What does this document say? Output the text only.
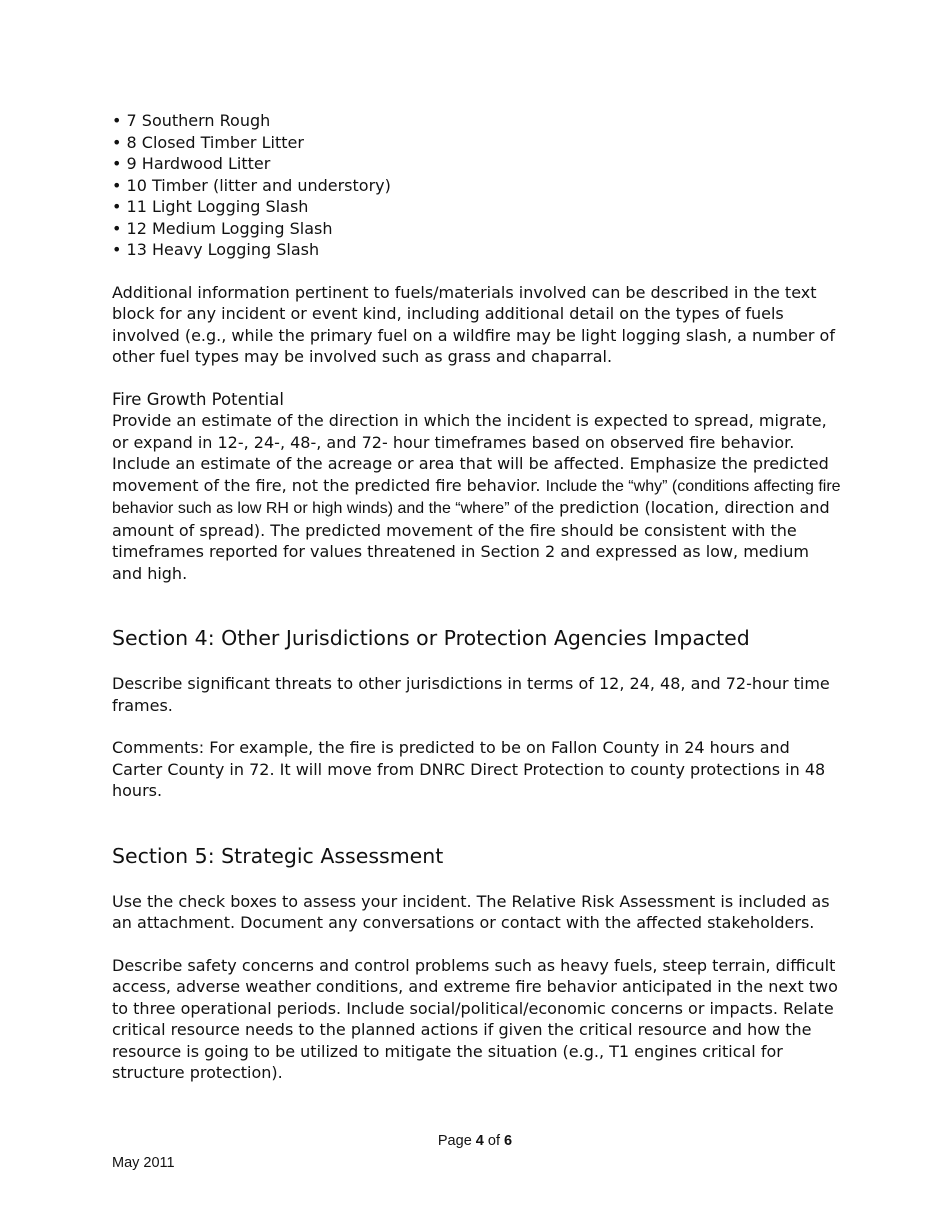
• 7 Southern Rough
• 8 Closed Timber Litter
• 9 Hardwood Litter
• 10 Timber (litter and understory)
• 11 Light Logging Slash
• 12 Medium Logging Slash
• 13 Heavy Logging Slash

Additional information pertinent to fuels/materials involved can be described in the text block for any incident or event kind, including additional detail on the types of fuels involved (e.g., while the primary fuel on a wildfire may be light logging slash, a number of other fuel types may be involved such as grass and chaparral.

Fire Growth Potential

Provide an estimate of the direction in which the incident is expected to spread, migrate, or expand in 12-, 24-, 48-, and 72- hour timeframes based on observed fire behavior. Include an estimate of the acreage or area that will be affected. Emphasize the predicted movement of the fire, not the predicted fire behavior. Include the “why” (conditions affecting fire behavior such as low RH or high winds) and the “where” of the prediction (location, direction and amount of spread). The predicted movement of the fire should be consistent with the timeframes reported for values threatened in Section 2 and expressed as low, medium and high.

Section 4: Other Jurisdictions or Protection Agencies Impacted

Describe significant threats to other jurisdictions in terms of 12, 24, 48, and 72-hour time frames.

Comments: For example, the fire is predicted to be on Fallon County in 24 hours and Carter County in 72. It will move from DNRC Direct Protection to county protections in 48 hours.

Section 5: Strategic Assessment

Use the check boxes to assess your incident. The Relative Risk Assessment is included as an attachment. Document any conversations or contact with the affected stakeholders.

Describe safety concerns and control problems such as heavy fuels, steep terrain, difficult access, adverse weather conditions, and extreme fire behavior anticipated in the next two to three operational periods. Include social/political/economic concerns or impacts. Relate critical resource needs to the planned actions if given the critical resource and how the resource is going to be utilized to mitigate the situation (e.g., T1 engines critical for structure protection).

Page 4 of 6
May 2011
